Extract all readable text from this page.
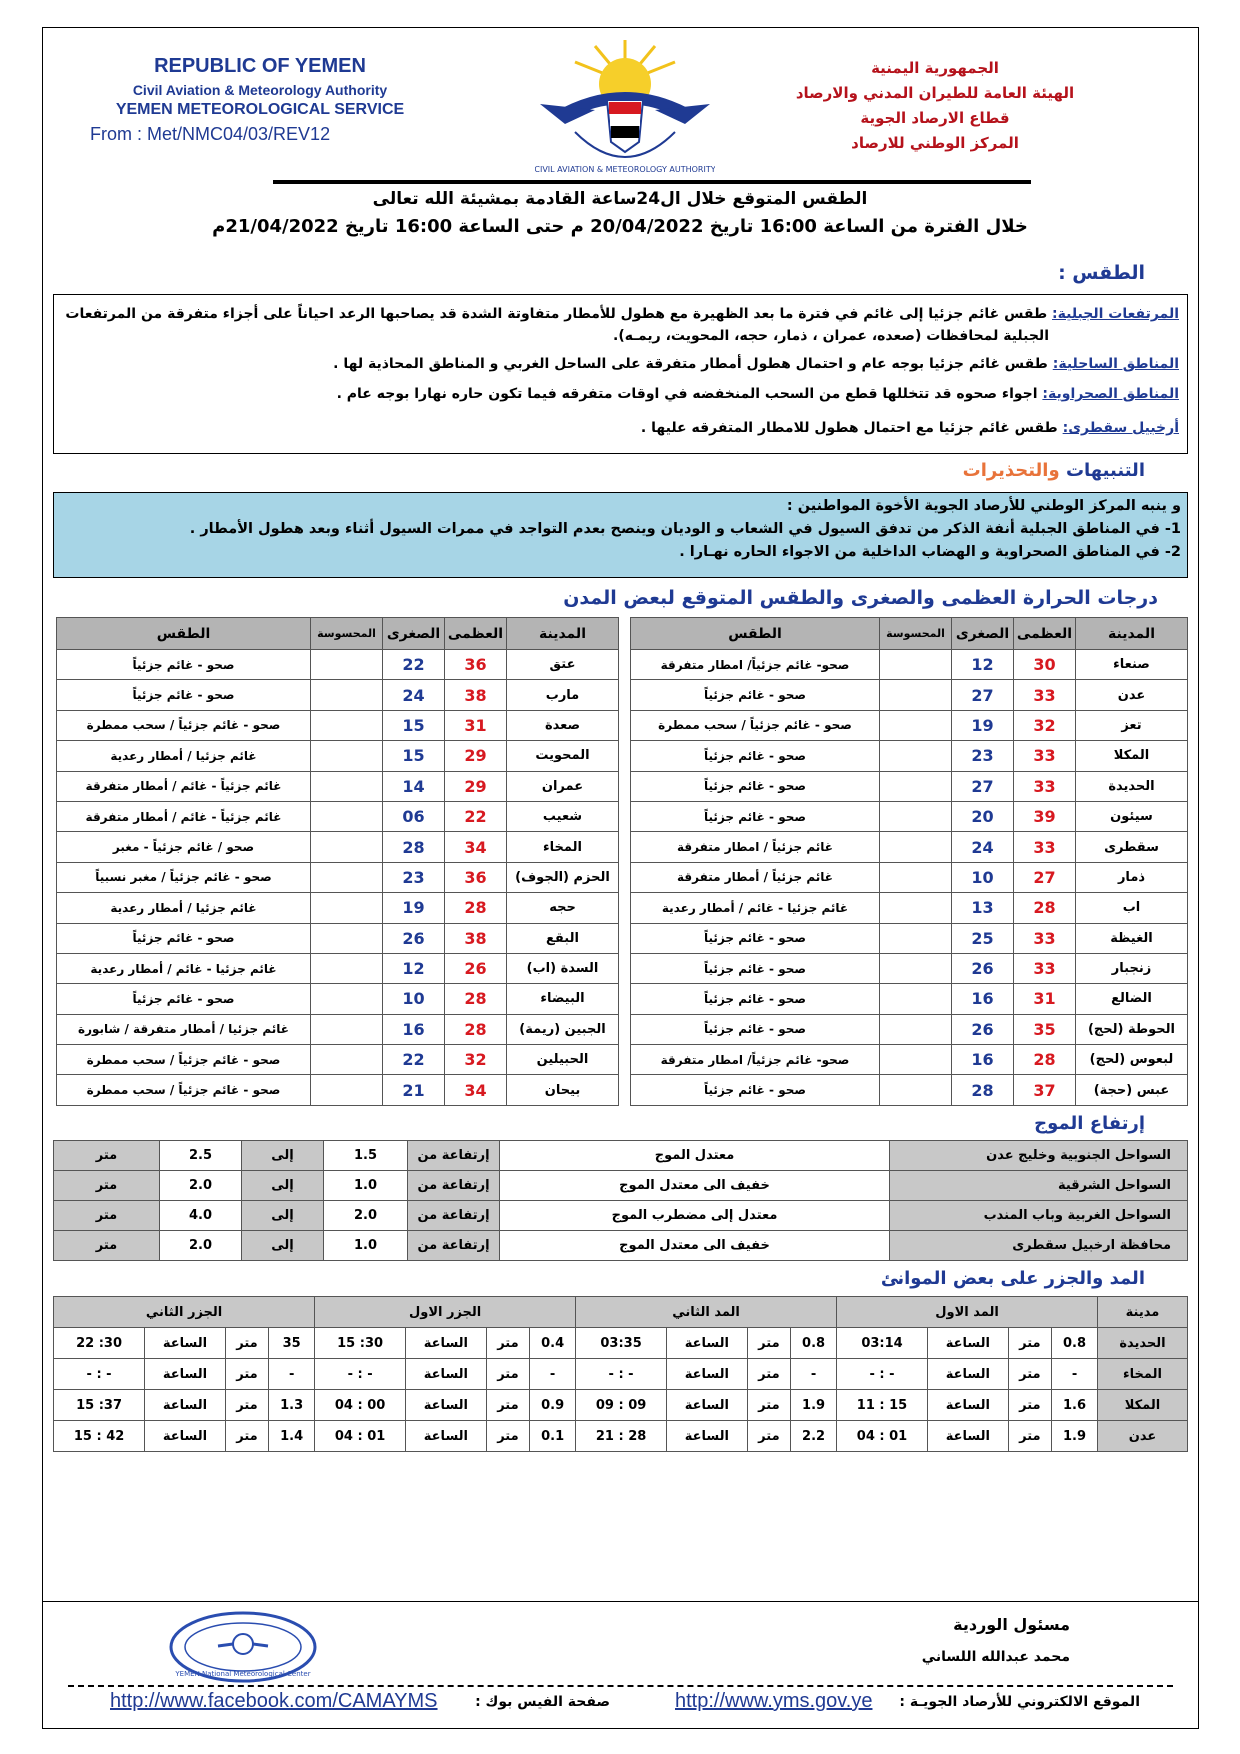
REPUBLIC OF YEMEN
Civil Aviation & Meteorology Authority
YEMEN METEOROLOGICAL SERVICE
From : Met/NMC04/03/REV12
CIVIL AVIATION & METEOROLOGY AUTHORITY
الجمهورية اليمنية
الهيئة العامة للطيران المدني والارصاد
قطاع الارصاد الجوية
المركز الوطني للارصاد
الطقس المتوقع خلال ال24ساعة القادمة بمشيئة الله تعالى
خلال الفترة من الساعة 16:00 تاريخ 20/04/2022 م حتى الساعة 16:00 تاريخ 21/04/2022م
الطقس :
المرتفعات الجبلية: طقس غائم جزئيا إلى غائم في فترة ما بعد الظهيرة مع هطول للأمطار متفاوتة الشدة قد يصاحبها الرعد احياناً على أجزاء متفرقة من المرتفعات
الجبلية لمحافظات (صعده، عمران ، ذمار، حجه، المحويت، ريمـه).
المناطق الساحلية: طقس غائم جزئيا بوجه عام و احتمال هطول أمطار متفرقة على الساحل الغربي و المناطق المحاذية لها .
المناطق الصحراوية: اجواء صحوه قد تتخللها قطع من السحب المنخفضه في اوقات متفرقه فيما تكون حاره نهارا بوجه عام .
أرخبيل سقطرى: طقس غائم جزئيا مع احتمال هطول للامطار المتفرقه عليها .
التنبيهات والتحذيرات
و ينبه المركز الوطني للأرصاد الجوية الأخوة المواطنين :
1- في المناطق الجبلية أنفة الذكر من تدفق السيول في الشعاب و الوديان وينصح بعدم التواجد في ممرات السيول أثناء وبعد هطول الأمطار .
2- في المناطق الصحراوية و الهضاب الداخلية من الاجواء الحاره نهـارا .
درجات الحرارة العظمى والصغرى والطقس المتوقع لبعض المدن
المدينة	العظمى	الصغرى	المحسوسة	الطقس
صنعاء	30	12		صحو- غائم جزئياً/ امطار متفرقة
عدن	33	27		صحو - غائم جزئياً
تعز	32	19		صحو - غائم جزئياً / سحب ممطرة
المكلا	33	23		صحو - غائم جزئياً
الحديدة	33	27		صحو - غائم جزئياً
سيئون	39	20		صحو - غائم جزئياً
سقطرى	33	24		غائم جزئياً / امطار متفرقة
ذمار	27	10		غائم جزئياً / أمطار متفرقة
اب	28	13		غائم جزئيا - غائم / أمطار رعدية
الغيظة	33	25		صحو - غائم جزئياً
زنجبار	33	26		صحو - غائم جزئياً
الضالع	31	16		صحو - غائم جزئياً
الحوطة (لحج)	35	26		صحو - غائم جزئياً
لبعوس (لحج)	28	16		صحو- غائم جزئياً/ امطار متفرقة
عبس (حجة)	37	28		صحو - غائم جزئياً
المدينة	العظمى	الصغرى	المحسوسة	الطقس
عتق	36	22		صحو - غائم جزئياً
مارب	38	24		صحو - غائم جزئياً
صعدة	31	15		صحو - غائم جزئياً / سحب ممطرة
المحويت	29	15		غائم جزئيا / أمطار رعدية
عمران	29	14		غائم جزئياً - غائم / أمطار متفرقة
شعيب	22	06		غائم جزئياً - غائم / أمطار متفرقة
المخاء	34	28		صحو / غائم جزئياً - مغبر
الحزم (الجوف)	36	23		صحو - غائم جزئياً / مغبر نسبياً
حجه	28	19		غائم جزئيا / أمطار رعدية
البقع	38	26		صحو - غائم جزئياً
السدة (اب)	26	12		غائم جزئيا - غائم / أمطار رعدية
البيضاء	28	10		صحو - غائم جزئياً
الجبين (ريمة)	28	16		غائم جزئيا / أمطار متفرقة / شابورة
الحبيلين	32	22		صحو - غائم جزئياً / سحب ممطرة
بيحان	34	21		صحو - غائم جزئياً / سحب ممطرة
إرتفاع الموج
السواحل الجنوبية وخليج عدن	معتدل الموج	إرتفاعة من	1.5	إلى	2.5	متر
السواحل الشرقية	خفيف الى معتدل الموج	إرتفاعة من	1.0	إلى	2.0	متر
السواحل الغربية وباب المندب	معتدل إلى مضطرب الموج	إرتفاعة من	2.0	إلى	4.0	متر
محافظة ارخبيل سقطرى	خفيف الى معتدل الموج	إرتفاعة من	1.0	إلى	2.0	متر
المد والجزر على بعض الموانئ
مدينة	المد الاول				المد الثاني				الجزر الاول				الجزر الثاني			
الحديدة	0.8	متر	الساعة	03:14	0.8	متر	الساعة	03:35	0.4	متر	الساعة	30: 15	35	متر	الساعة	30: 22
المخاء	-	متر	الساعة	- : -	-	متر	الساعة	- : -	-	متر	الساعة	- : -	-	متر	الساعة	- : -
المكلا	1.6	متر	الساعة	15 : 11	1.9	متر	الساعة	09 : 09	0.9	متر	الساعة	00 : 04	1.3	متر	الساعة	37: 15
عدن	1.9	متر	الساعة	01 : 04	2.2	متر	الساعة	28 : 21	0.1	متر	الساعة	01 : 04	1.4	متر	الساعة	42 : 15
مسئول الوردية
محمد عبدالله اللساني
YEMEN National Meteorological Center
الموقع الالكتروني للأرصاد الجويـة :
http://www.yms.gov.ye
صفحة الفيس بوك :
http://www.facebook.com/CAMAYMS
